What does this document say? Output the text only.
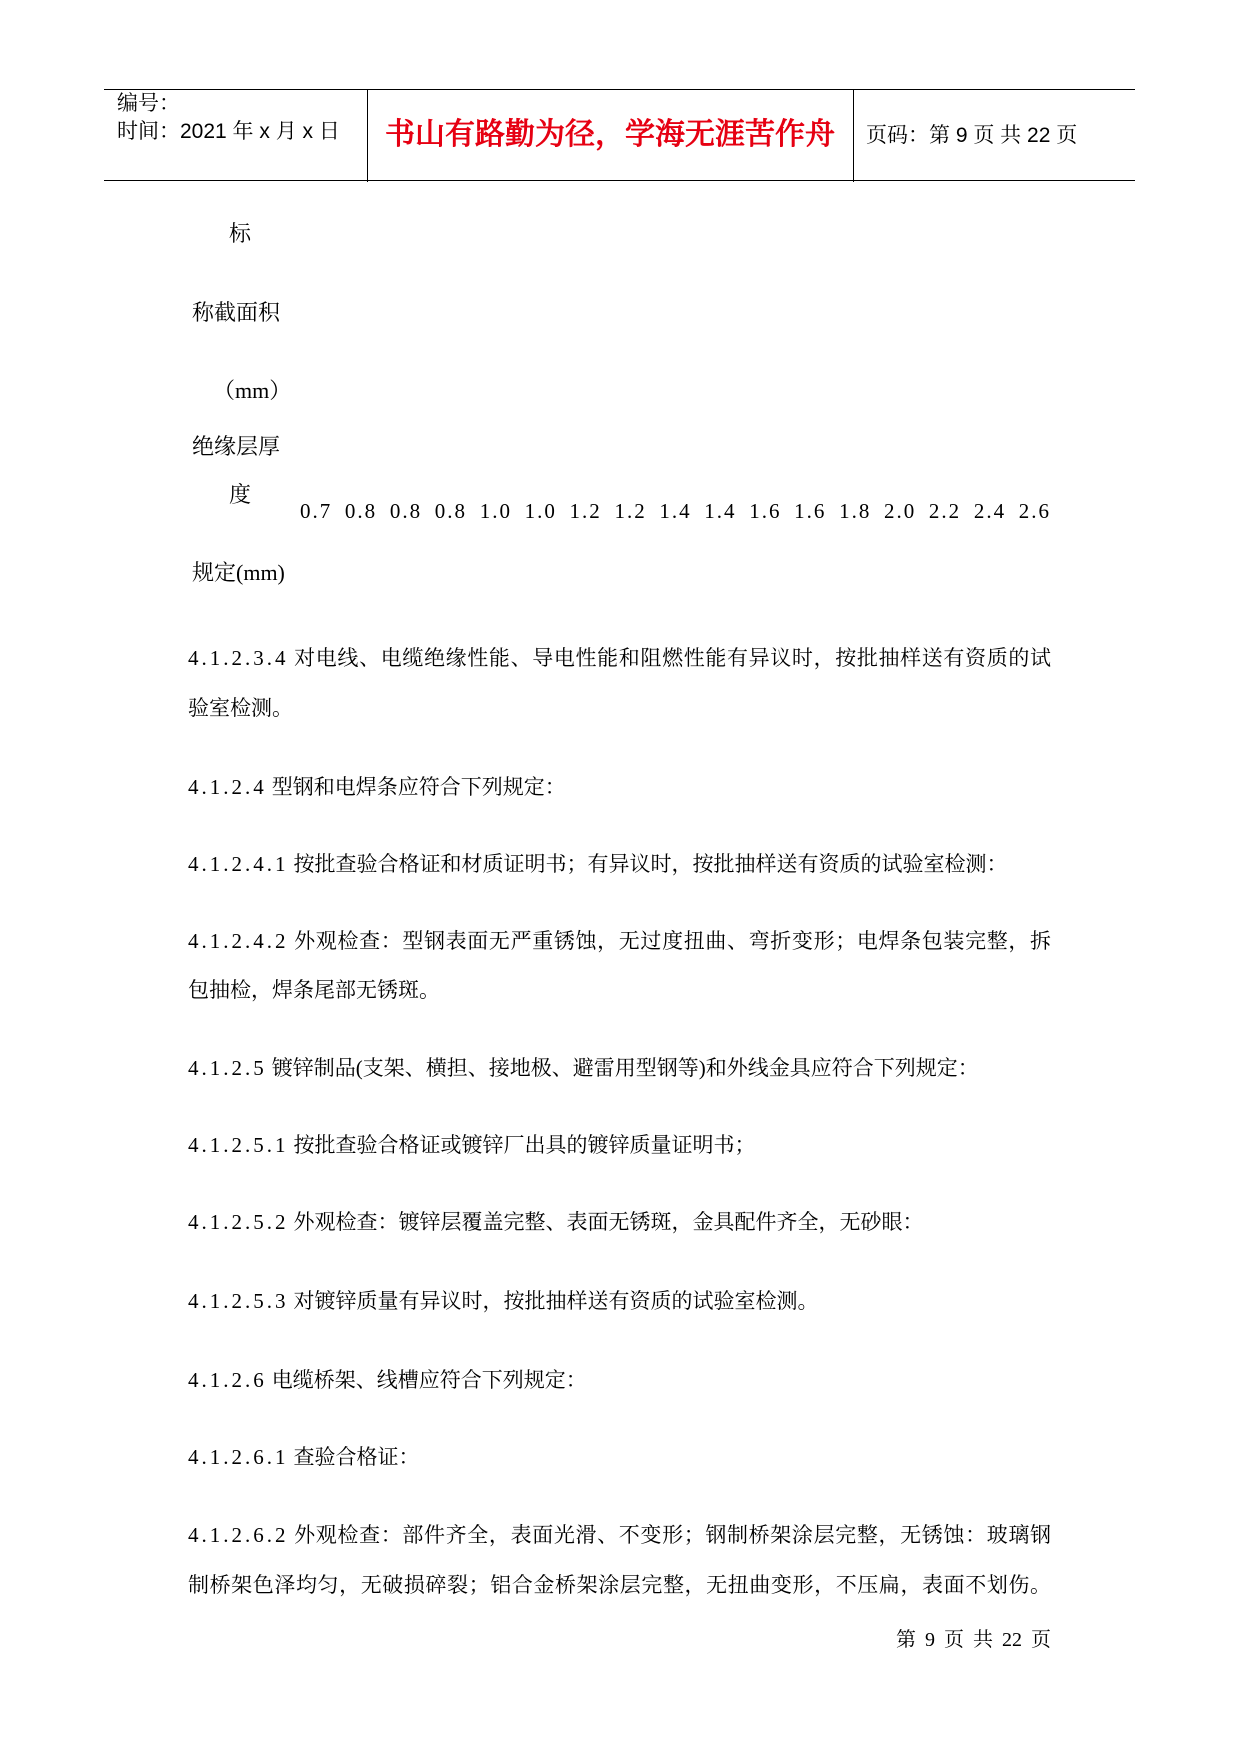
编号：
时间：2021 年 x 月 x 日	书山有路勤为径，学海无涯苦作舟	页码：第 9 页 共 22 页
标
称截面积
（mm）
绝缘层厚
度
0.7 0.8 0.8 0.8 1.0 1.0 1.2 1.2 1.4 1.4 1.6 1.6 1.8 2.0 2.2 2.4 2.6
规定(mm)
4.1.2.3.4 对电线、电缆绝缘性能、导电性能和阻燃性能有异议时，按批抽样送有资质的试
验室检测。
4.1.2.4 型钢和电焊条应符合下列规定：
4.1.2.4.1 按批查验合格证和材质证明书；有异议时，按批抽样送有资质的试验室检测：
4.1.2.4.2 外观检查：型钢表面无严重锈蚀，无过度扭曲、弯折变形；电焊条包装完整，拆
包抽检，焊条尾部无锈斑。
4.1.2.5 镀锌制品(支架、横担、接地极、避雷用型钢等)和外线金具应符合下列规定：
4.1.2.5.1 按批查验合格证或镀锌厂出具的镀锌质量证明书；
4.1.2.5.2 外观检查：镀锌层覆盖完整、表面无锈斑，金具配件齐全，无砂眼：
4.1.2.5.3 对镀锌质量有异议时，按批抽样送有资质的试验室检测。
4.1.2.6 电缆桥架、线槽应符合下列规定：
4.1.2.6.1 查验合格证：
4.1.2.6.2 外观检查：部件齐全，表面光滑、不变形；钢制桥架涂层完整，无锈蚀：玻璃钢
制桥架色泽均匀，无破损碎裂；铝合金桥架涂层完整，无扭曲变形，不压扁，表面不划伤。
第 9 页 共 22 页
